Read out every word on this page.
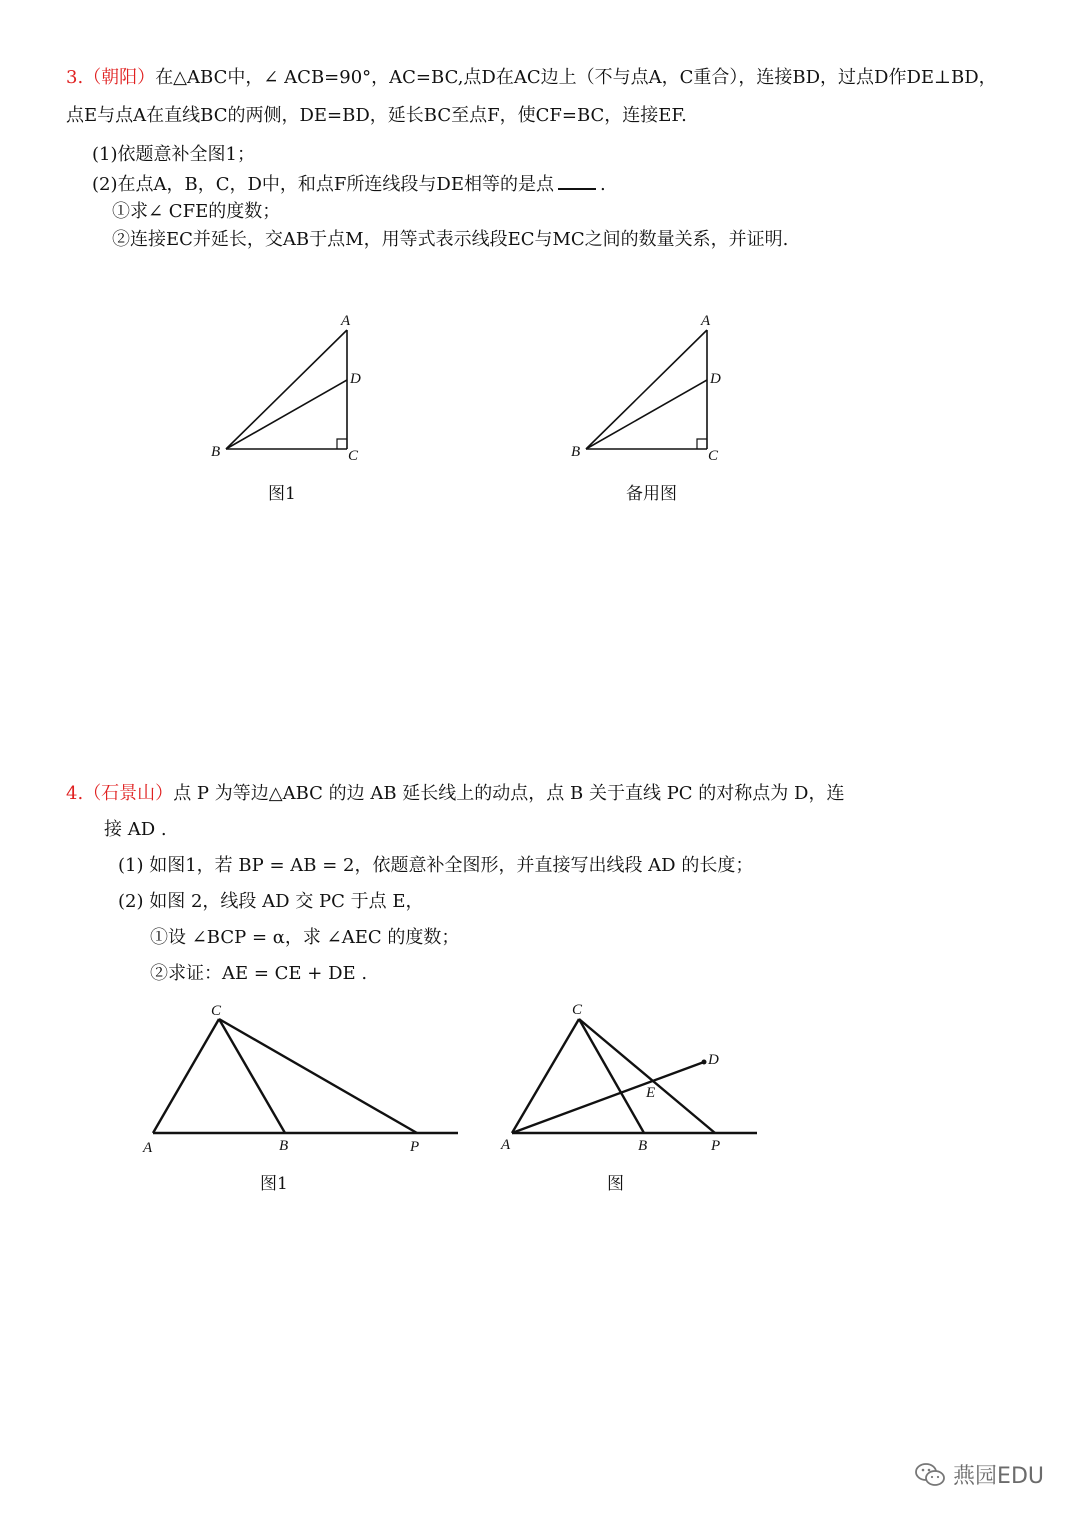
3.（朝阳）在△ABC中，∠ ACB=90°，AC=BC,点D在AC边上（不与点A，C重合），连接BD，过点D作DE⊥BD，
点E与点A在直线BC的两侧，DE=BD，延长BC至点F，使CF=BC，连接EF.
(1)依题意补全图1；
(2)在点A，B，C，D中，和点F所连线段与DE相等的是点	.
①求∠ CFE的度数；
②连接EC并延长，交AB于点M，用等式表示线段EC与MC之间的数量关系，并证明.
4.（石景山）点 P 为等边△ABC 的边 AB 延长线上的动点，点 B 关于直线 PC 的对称点为 D，连
接 AD .
(1) 如图1，若 BP = AB = 2，依题意补全图形，并直接写出线段 AD 的长度；
(2) 如图 2，线段 AD 交 PC 于点 E，
①设 ∠BCP = α，求 ∠AEC 的度数；
②求证：AE = CE + DE .
A
D
B	C
A
D
B	C
C
A	B	P
C
D
E
A	B	P
图1	备用图
图1	图
燕园EDU
